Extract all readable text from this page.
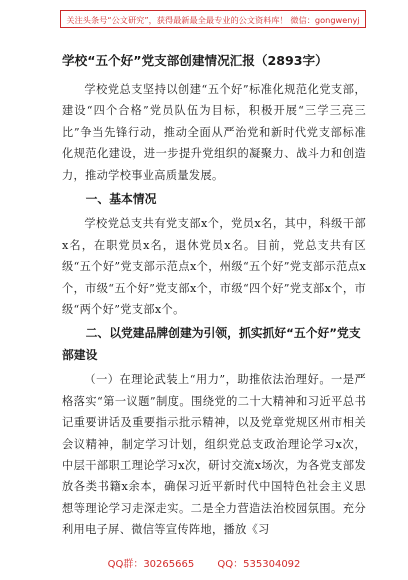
关注头条号“公文研究”，获得最新最全最专业的公文资料库！ 微信：gongwenyj
学校“五个好”党支部创建情况汇报（2893字）

学校党总支坚持以创建“五个好”标准化规范化党支部，建设“四个合格”党员队伍为目标，积极开展“三学三亮三比”争当先锋行动，推动全面从严治党和新时代党支部标准化规范化建设，进一步提升党组织的凝聚力、战斗力和创造力，推动学校事业高质量发展。

一、基本情况

学校党总支共有党支部x个，党员x名，其中，科级干部x名，在职党员x名，退休党员x名。目前，党总支共有区级“五个好”党支部示范点x个，州级“五个好”党支部示范点x个，市级“五个好”党支部x个，市级“四个好”党支部x个，市级“两个好”党支部x个。

二、以党建品牌创建为引领，抓实抓好“五个好”党支部建设

（一）在理论武装上“用力”，助推依法治理好。一是严格落实“第一议题”制度。围绕党的二十大精神和习近平总书记重要讲话及重要指示批示精神，以及党章党规区州市相关会议精神，制定学习计划，组织党总支政治理论学习x次，中层干部职工理论学习x次，研讨交流x场次，为各党支部发放各类书籍x余本，确保习近平新时代中国特色社会主义思想等理论学习走深走实。二是全力营造法治校园氛围。充分利用电子屏、微信等宣传阵地，播放《习

QQ群：30265665 QQ：535304092
